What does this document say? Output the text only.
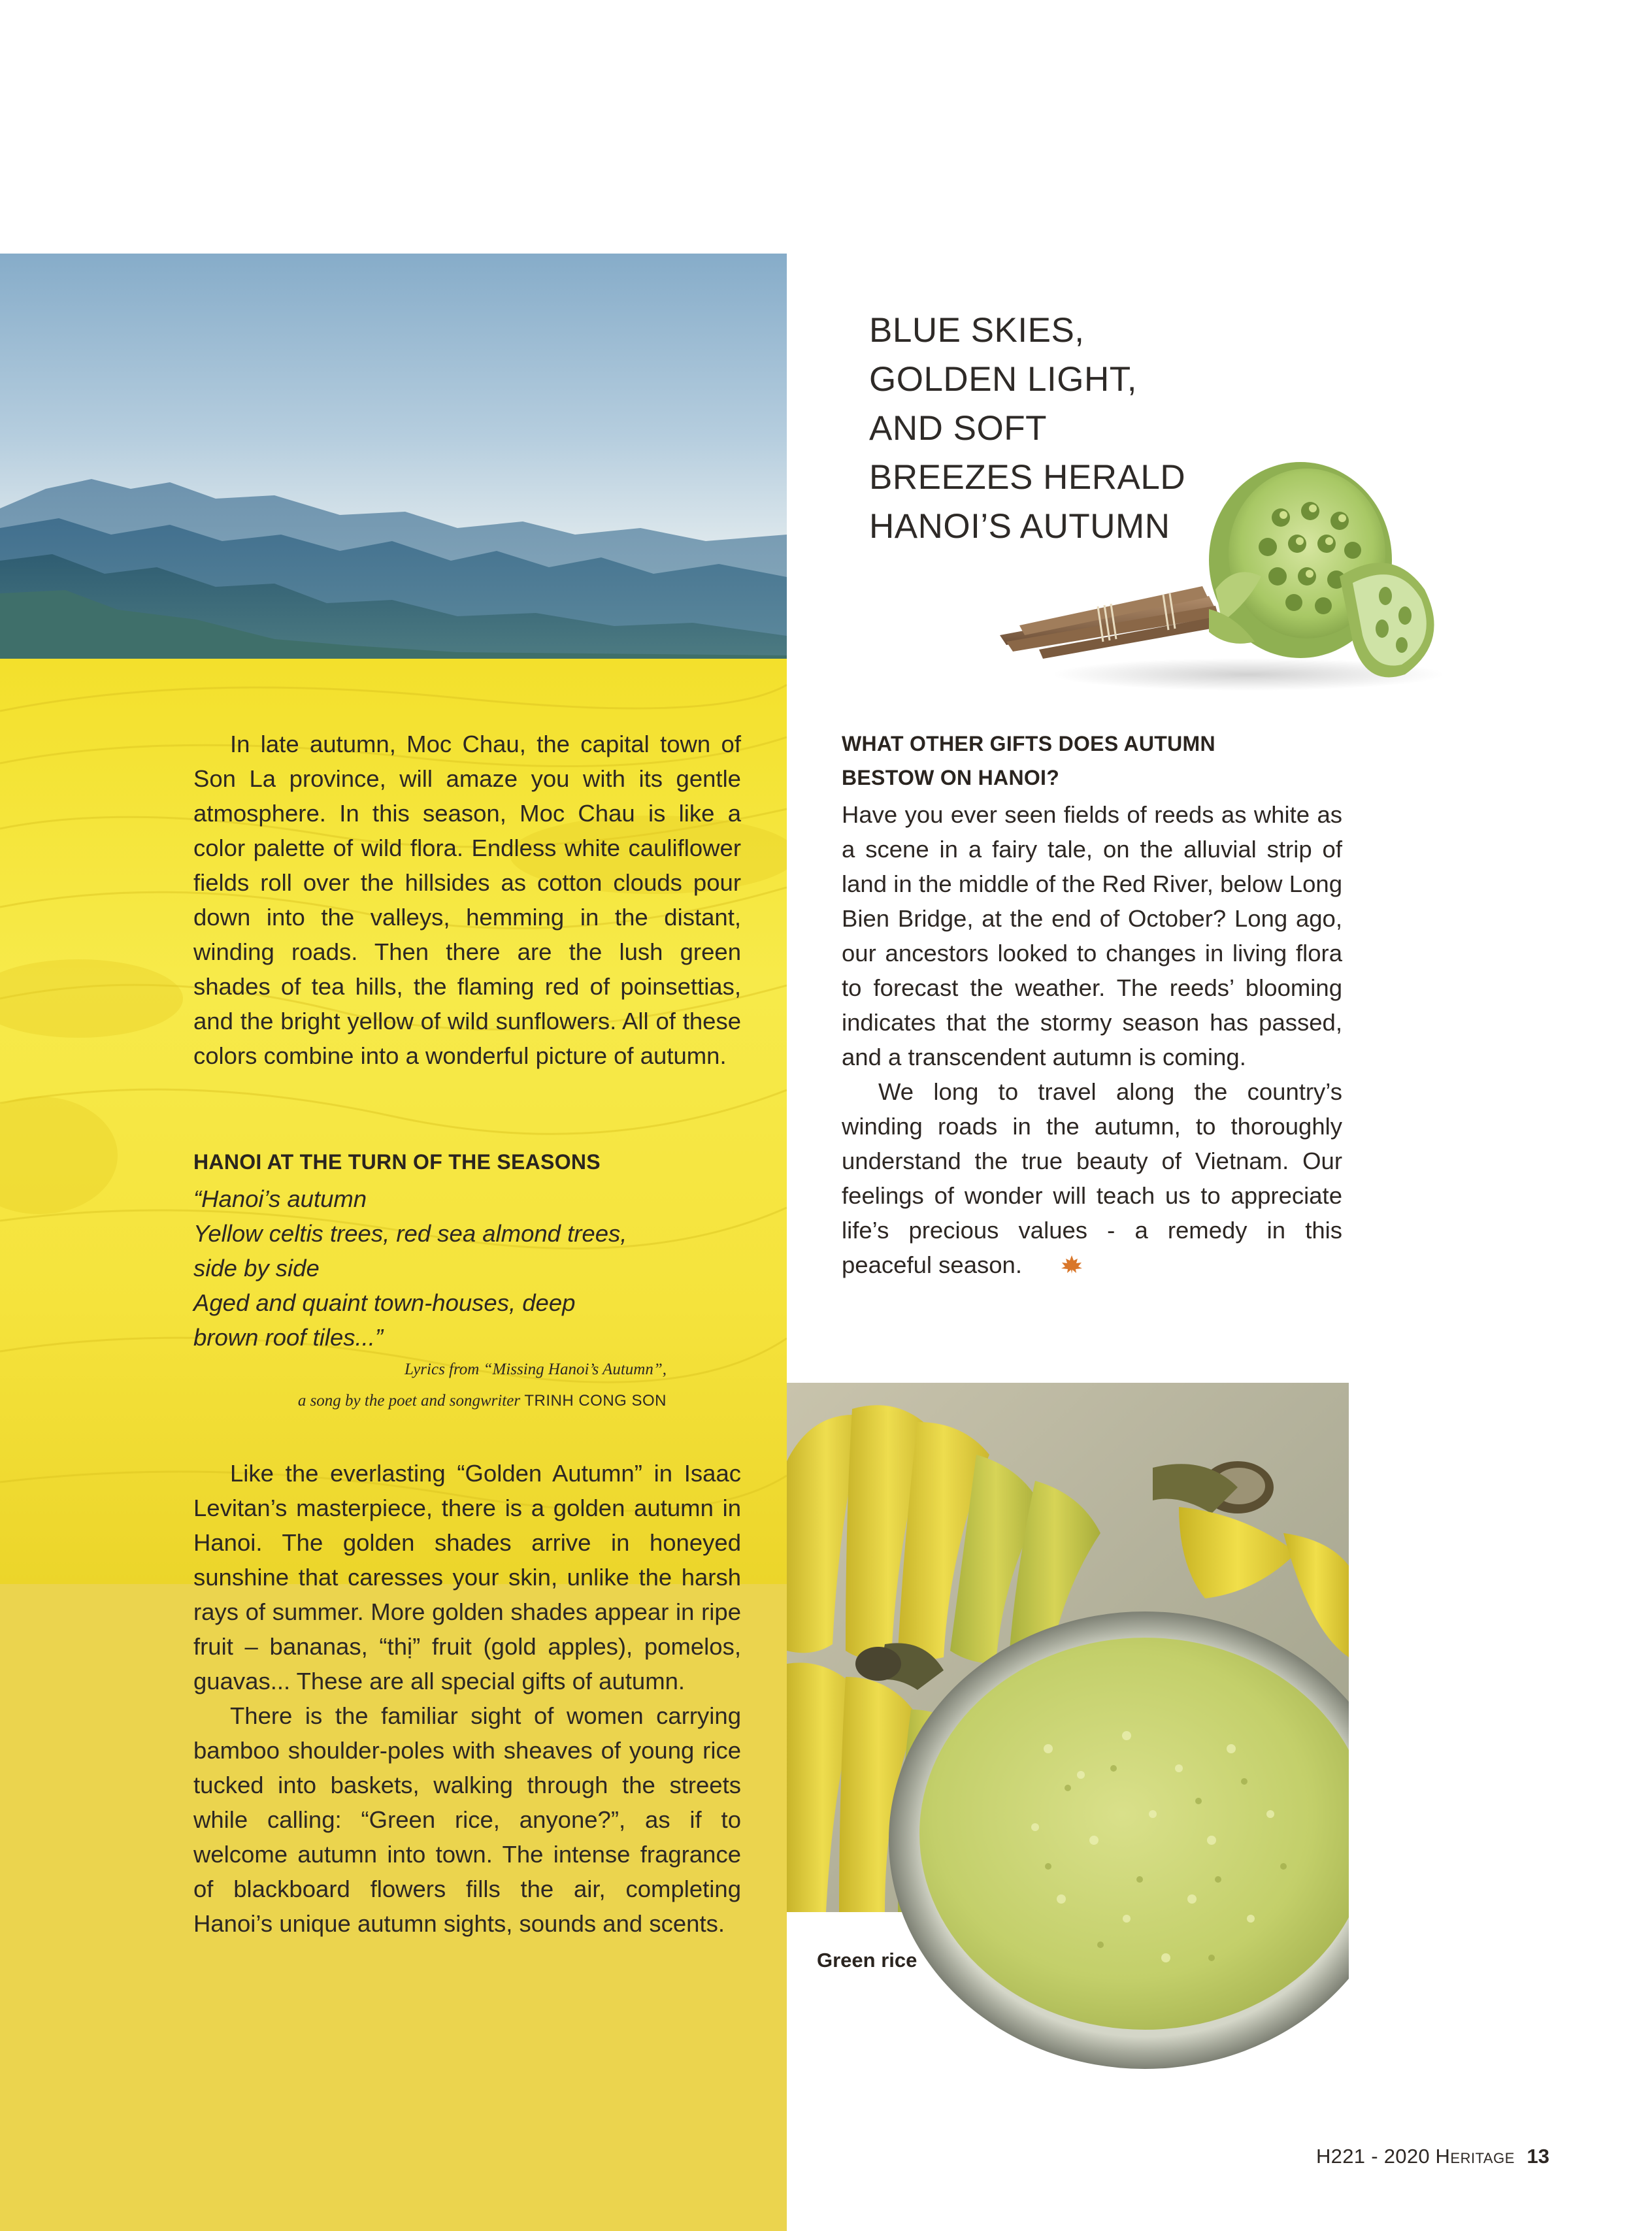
In late autumn, Moc Chau, the capital town of Son La province, will amaze you with its gentle atmosphere. In this season, Moc Chau is like a color palette of wild flora. Endless white cauliflower fields roll over the hillsides as cotton clouds pour down into the valleys, hemming in the distant, winding roads. Then there are the lush green shades of tea hills, the flaming red of poinsettias, and the bright yellow of wild sunflowers. All of these colors combine into a wonderful picture of autumn.

HANOI AT THE TURN OF THE SEASONS

“Hanoi’s autumn

Yellow celtis trees, red sea almond trees,

side by side

Aged and quaint town-houses, deep

brown roof tiles...”

Lyrics from “Missing Hanoi’s Autumn”,
a song by the poet and songwriter TRINH CONG SON

Like the everlasting “Golden Autumn” in Isaac Levitan’s masterpiece, there is a golden autumn in Hanoi. The golden shades arrive in honeyed sunshine that caresses your skin, unlike the harsh rays of summer. More golden shades appear in ripe fruit – bananas, “thị” fruit (gold apples), pomelos, guavas... These are all special gifts of autumn.

There is the familiar sight of women carrying bamboo shoulder-poles with sheaves of young rice tucked into baskets, walking through the streets while calling: “Green rice, anyone?”, as if to welcome autumn into town. The intense fragrance of blackboard flowers fills the air, completing Hanoi’s unique autumn sights, sounds and scents.

BLUE SKIES,
GOLDEN LIGHT,
AND SOFT
BREEZES HERALD
HANOI’S AUTUMN

WHAT OTHER GIFTS DOES AUTUMN

BESTOW ON HANOI?

Have you ever seen fields of reeds as white as a scene in a fairy tale, on the alluvial strip of land in the middle of the Red River, below Long Bien Bridge, at the end of October? Long ago, our ancestors looked to changes in living flora to forecast the weather. The reeds’ blooming indicates that the stormy season has passed, and a transcendent autumn is coming.

We long to travel along the country’s winding roads in the autumn, to thoroughly understand the true beauty of Vietnam. Our feelings of wonder will teach us to appreciate life’s precious values - a remedy in this peaceful season.

Green rice
H221 - 2020 Heritage 13
